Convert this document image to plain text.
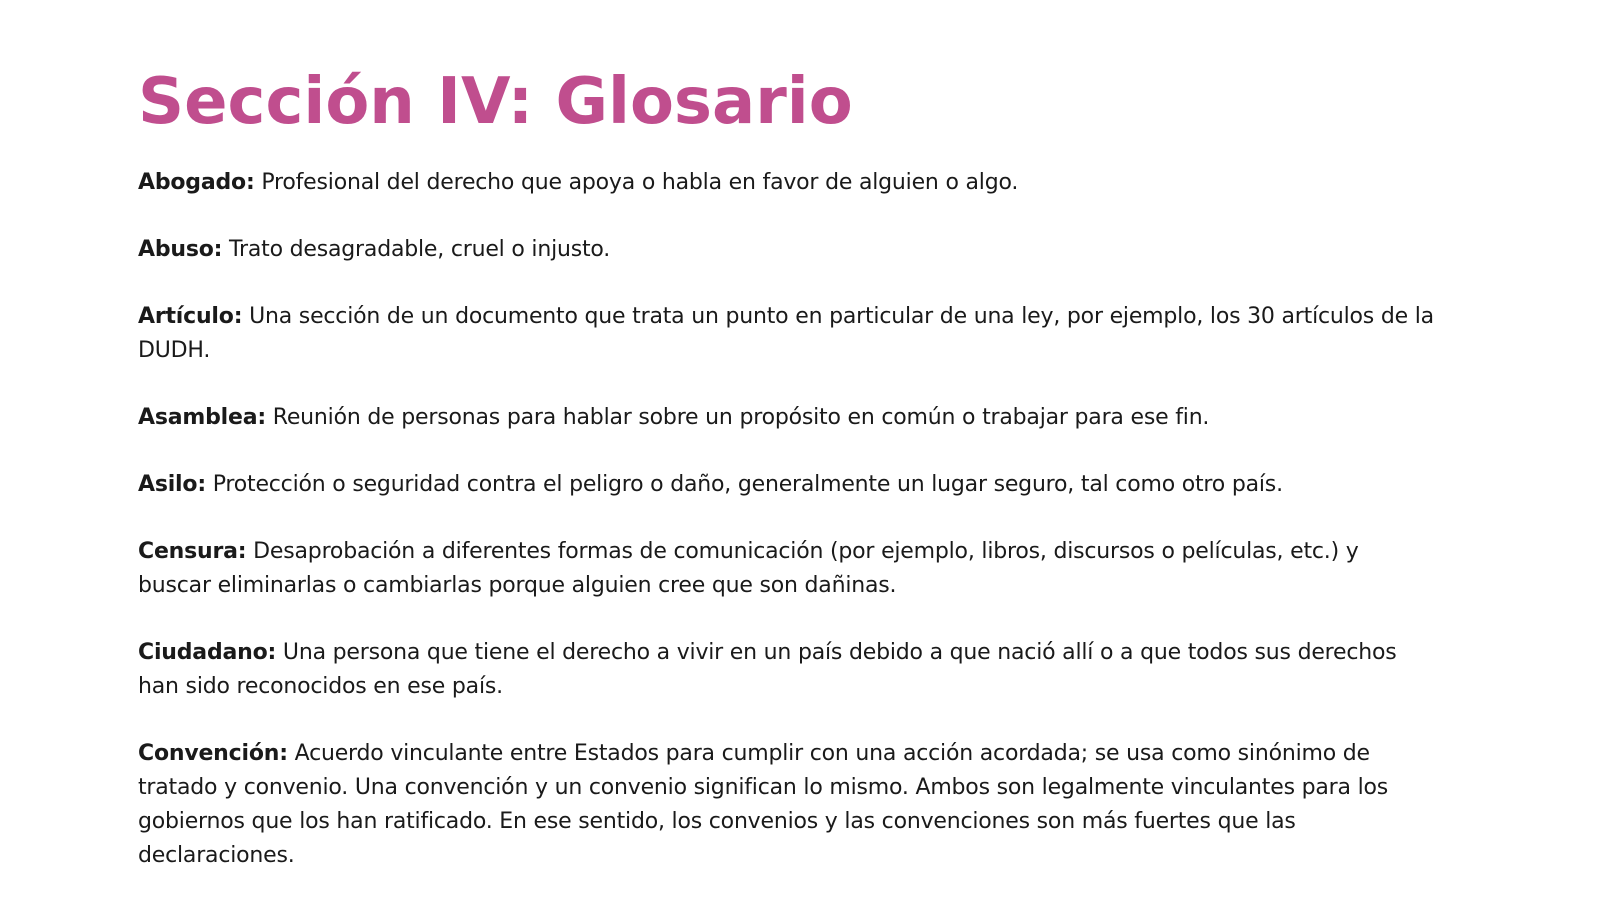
Sección IV: Glosario

Abogado: Profesional del derecho que apoya o habla en favor de alguien o algo.

Abuso: Trato desagradable, cruel o injusto.

Artículo: Una sección de un documento que trata un punto en particular de una ley, por ejemplo, los 30 artículos de la DUDH.

Asamblea: Reunión de personas para hablar sobre un propósito en común o trabajar para ese fin.

Asilo: Protección o seguridad contra el peligro o daño, generalmente un lugar seguro, tal como otro país.

Censura: Desaprobación a diferentes formas de comunicación (por ejemplo, libros, discursos o películas, etc.) y buscar eliminarlas o cambiarlas porque alguien cree que son dañinas.

Ciudadano: Una persona que tiene el derecho a vivir en un país debido a que nació allí o a que todos sus derechos han sido reconocidos en ese país.

Convención: Acuerdo vinculante entre Estados para cumplir con una acción acordada; se usa como sinónimo de tratado y convenio. Una convención y un convenio significan lo mismo. Ambos son legalmente vinculantes para los gobiernos que los han ratificado. En ese sentido, los convenios y las convenciones son más fuertes que las declaraciones.
